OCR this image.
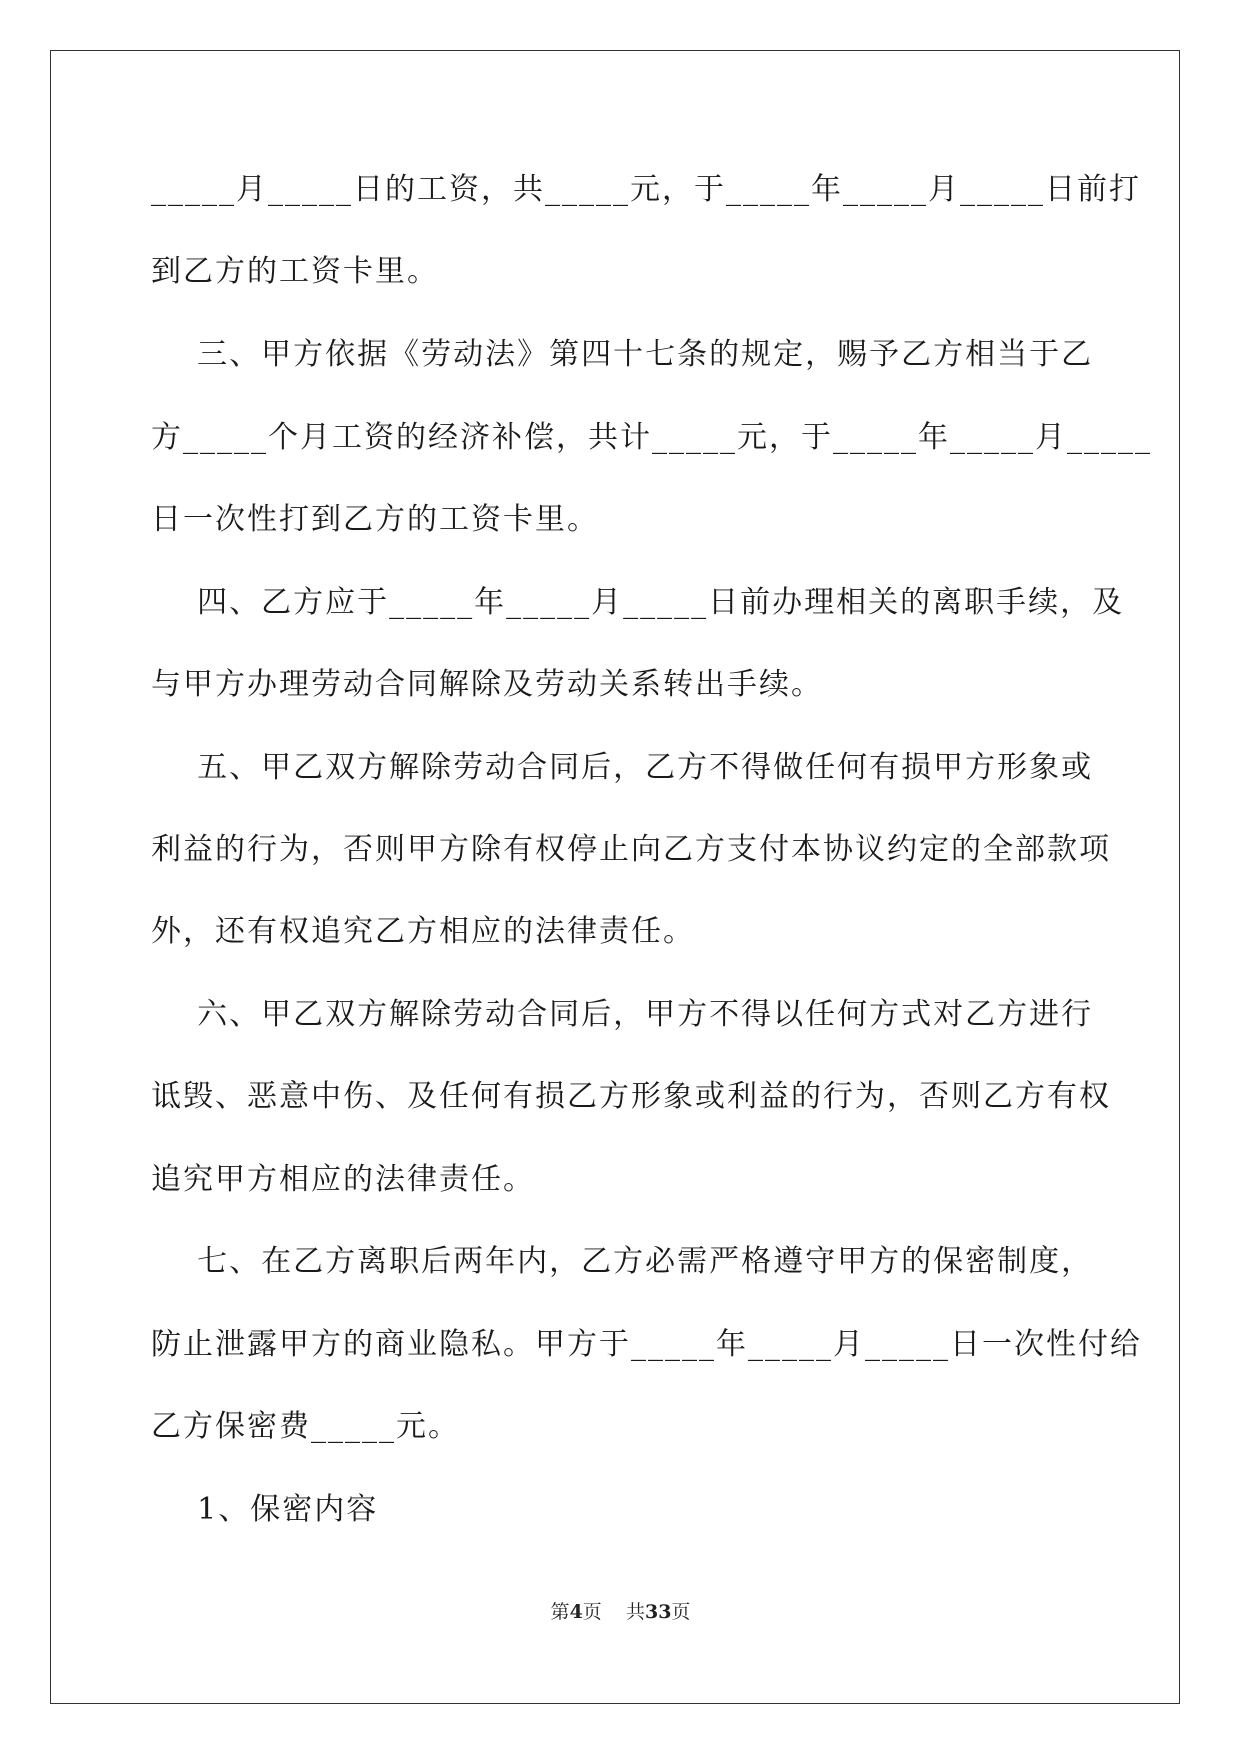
_____月_____日的工资，共_____元，于_____年_____月_____日前打
到乙方的工资卡里。
三、甲方依据《劳动法》第四十七条的规定，赐予乙方相当于乙
方_____个月工资的经济补偿，共计_____元，于_____年_____月_____
日一次性打到乙方的工资卡里。
四、乙方应于_____年_____月_____日前办理相关的离职手续，及
与甲方办理劳动合同解除及劳动关系转出手续。
五、甲乙双方解除劳动合同后，乙方不得做任何有损甲方形象或
利益的行为，否则甲方除有权停止向乙方支付本协议约定的全部款项
外，还有权追究乙方相应的法律责任。
六、甲乙双方解除劳动合同后，甲方不得以任何方式对乙方进行
诋毁、恶意中伤、及任何有损乙方形象或利益的行为，否则乙方有权
追究甲方相应的法律责任。
七、在乙方离职后两年内，乙方必需严格遵守甲方的保密制度，
防止泄露甲方的商业隐私。甲方于_____年_____月_____日一次性付给
乙方保密费_____元。
1、保密内容
第4页    共33页
